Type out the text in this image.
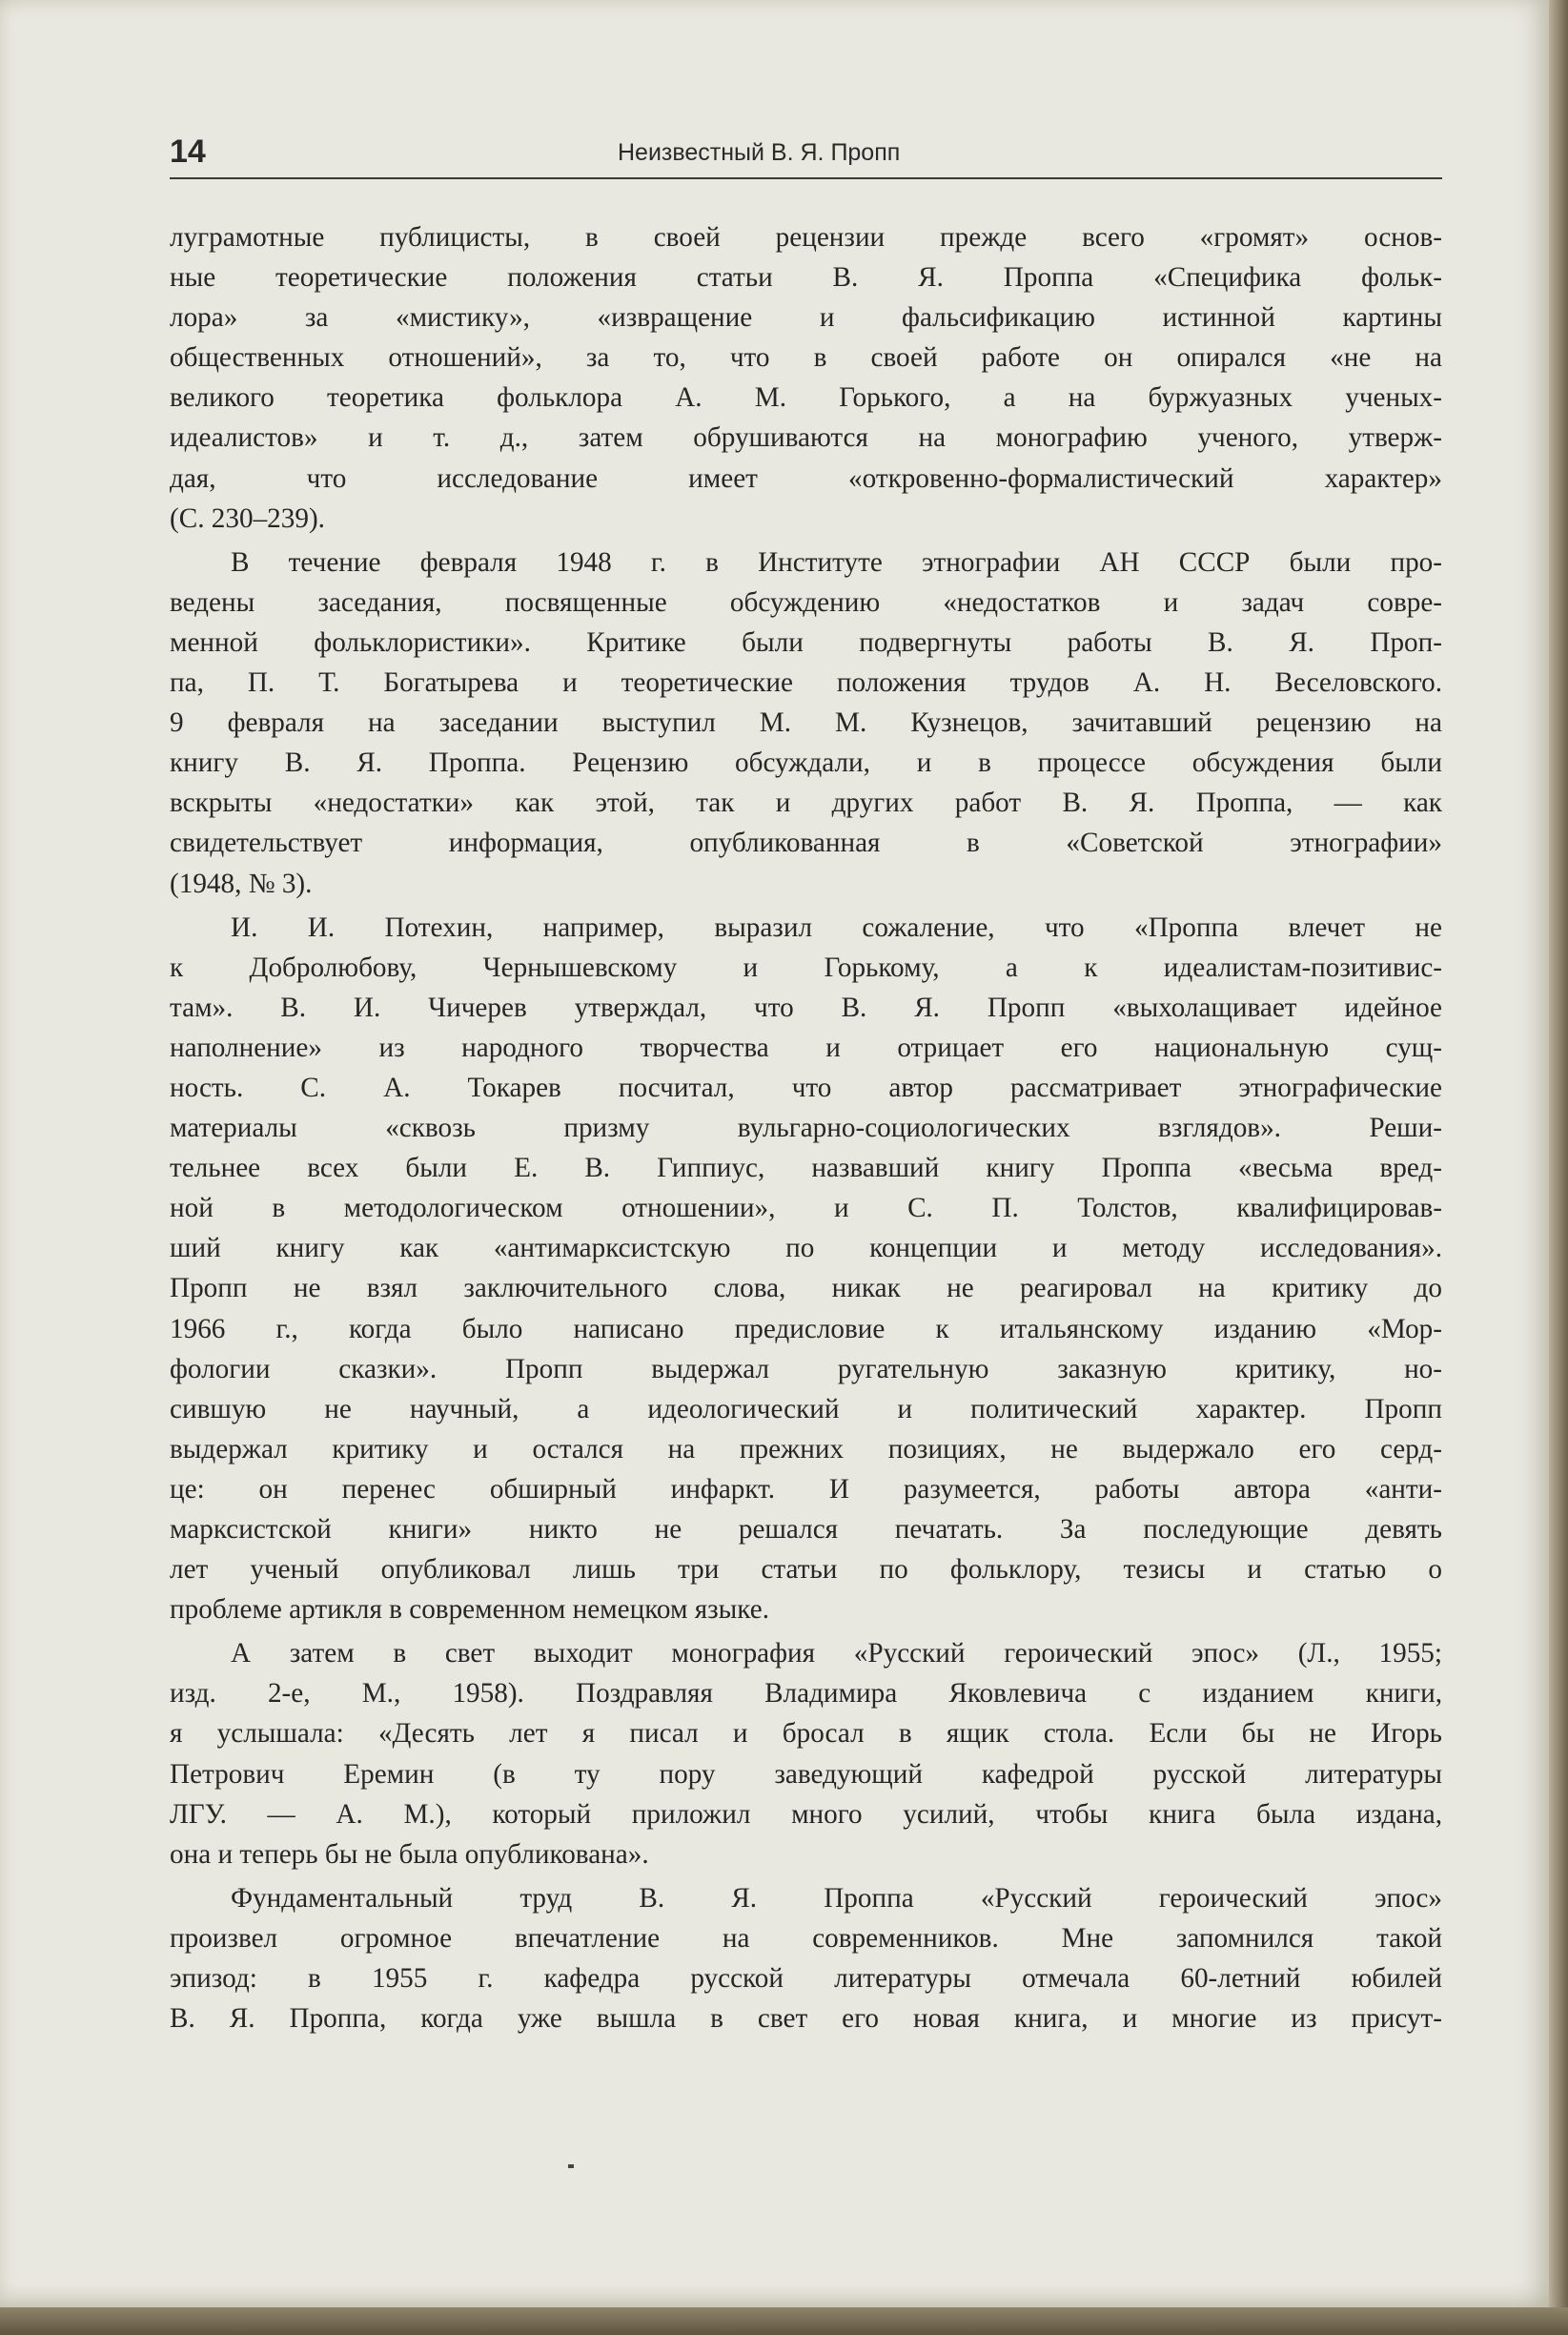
14	Неизвестный В. Я. Пропп
луграмотные публицисты, в своей рецензии прежде всего «громят» основ-
ные теоретические положения статьи В. Я. Проппа «Специфика фольк-
лора» за «мистику», «извращение и фальсификацию истинной картины
общественных отношений», за то, что в своей работе он опирался «не на
великого теоретика фольклора А. М. Горького, а на буржуазных ученых-
идеалистов» и т. д., затем обрушиваются на монографию ученого, утверж-
дая, что исследование имеет «откровенно-формалистический характер»
(С. 230–239).
В течение февраля 1948 г. в Институте этнографии АН СССР были про-
ведены заседания, посвященные обсуждению «недостатков и задач совре-
менной фольклористики». Критике были подвергнуты работы В. Я. Проп-
па, П. Т. Богатырева и теоретические положения трудов А. Н. Веселовского.
9 февраля на заседании выступил М. М. Кузнецов, зачитавший рецензию на
книгу В. Я. Проппа. Рецензию обсуждали, и в процессе обсуждения были
вскрыты «недостатки» как этой, так и других работ В. Я. Проппа, — как
свидетельствует информация, опубликованная в «Советской этнографии»
(1948, № 3).
И. И. Потехин, например, выразил сожаление, что «Проппа влечет не
к Добролюбову, Чернышевскому и Горькому, а к идеалистам-позитивис-
там». В. И. Чичерев утверждал, что В. Я. Пропп «выхолащивает идейное
наполнение» из народного творчества и отрицает его национальную сущ-
ность. С. А. Токарев посчитал, что автор рассматривает этнографические
материалы «сквозь призму вульгарно-социологических взглядов». Реши-
тельнее всех были Е. В. Гиппиус, назвавший книгу Проппа «весьма вред-
ной в методологическом отношении», и С. П. Толстов, квалифицировав-
ший книгу как «антимарксистскую по концепции и методу исследования».
Пропп не взял заключительного слова, никак не реагировал на критику до
1966 г., когда было написано предисловие к итальянскому изданию «Мор-
фологии сказки». Пропп выдержал ругательную заказную критику, но-
сившую не научный, а идеологический и политический характер. Пропп
выдержал критику и остался на прежних позициях, не выдержало его серд-
це: он перенес обширный инфаркт. И разумеется, работы автора «анти-
марксистской книги» никто не решался печатать. За последующие девять
лет ученый опубликовал лишь три статьи по фольклору, тезисы и статью о
проблеме артикля в современном немецком языке.
А затем в свет выходит монография «Русский героический эпос» (Л., 1955;
изд. 2-е, М., 1958). Поздравляя Владимира Яковлевича с изданием книги,
я услышала: «Десять лет я писал и бросал в ящик стола. Если бы не Игорь
Петрович Еремин (в ту пору заведующий кафедрой русской литературы
ЛГУ. — А. М.), который приложил много усилий, чтобы книга была издана,
она и теперь бы не была опубликована».
Фундаментальный труд В. Я. Проппа «Русский героический эпос»
произвел огромное впечатление на современников. Мне запомнился такой
эпизод: в 1955 г. кафедра русской литературы отмечала 60-летний юбилей
В. Я. Проппа, когда уже вышла в свет его новая книга, и многие из присут-
